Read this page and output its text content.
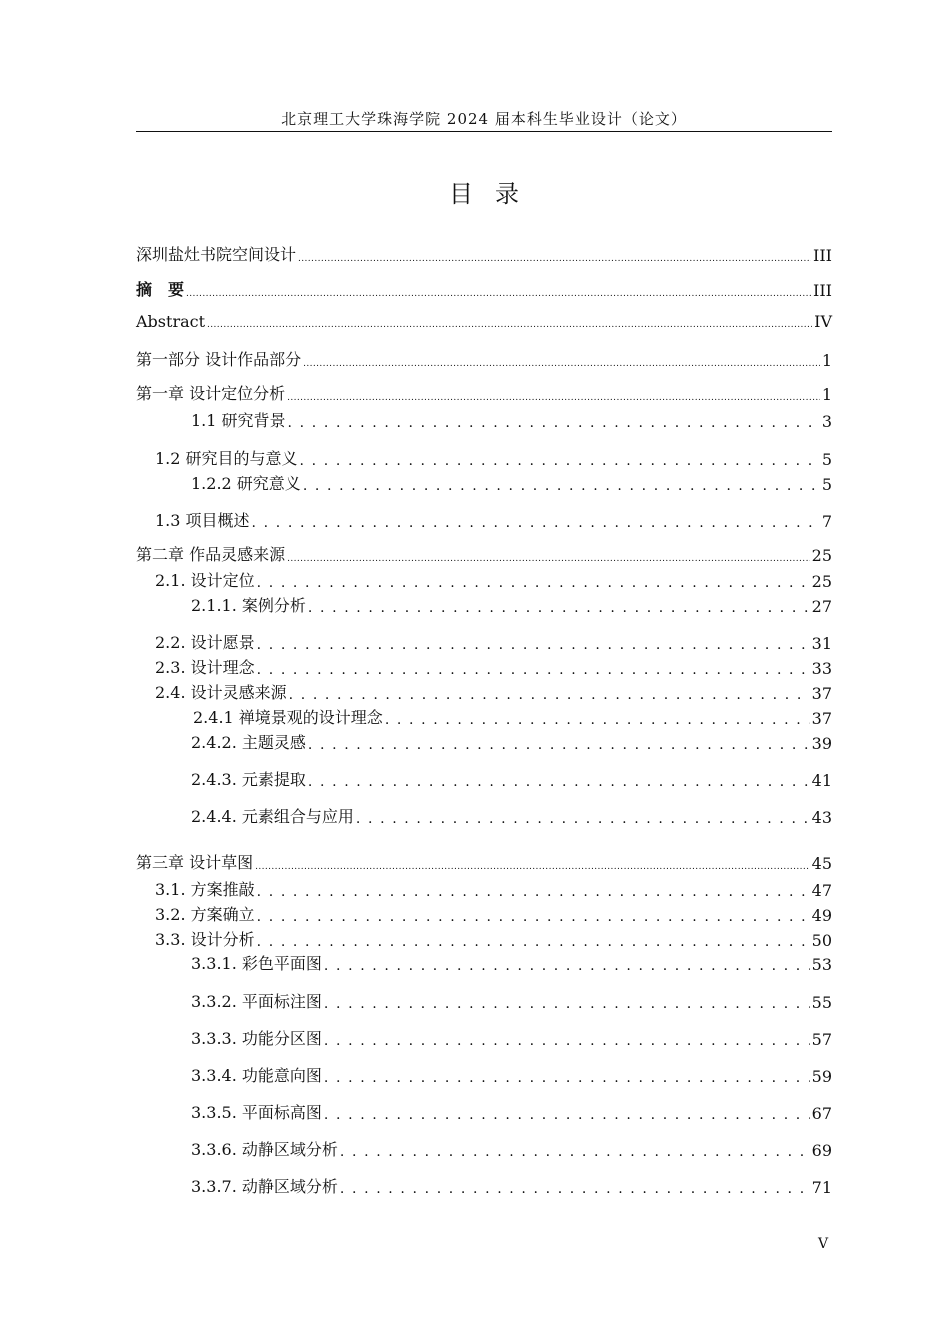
北京理工大学珠海学院 2024 届本科生毕业设计（论文）
目录
深圳盐灶书院空间设计 .....	III
摘　要 .....	III
Abstract .....	IV
第一部分 设计作品部分 .....	1
第一章 设计定位分析 .....	1
1.1 研究背景 . . .	3
1.2 研究目的与意义 . . .	5
1.2.2 研究意义 . . .	5
1.3 项目概述 . . .	7
第二章 作品灵感来源 .....	25
2.1. 设计定位 . . .	25
2.1.1. 案例分析 . . .	27
2.2. 设计愿景 . . .	31
2.3. 设计理念 . . .	33
2.4. 设计灵感来源 . . .	37
2.4.1 禅境景观的设计理念 . . .	37
2.4.2. 主题灵感 . . .	39
2.4.3. 元素提取 . . .	41
2.4.4. 元素组合与应用 . . .	43
第三章 设计草图 .....	45
3.1. 方案推敲 . . .	47
3.2. 方案确立 . . .	49
3.3. 设计分析 . . .	50
3.3.1. 彩色平面图 . . .	53
3.3.2. 平面标注图 . . .	55
3.3.3. 功能分区图 . . .	57
3.3.4. 功能意向图 . . .	59
3.3.5. 平面标高图 . . .	67
3.3.6. 动静区域分析 . . .	69
3.3.7. 动静区域分析 . . .	71
V
